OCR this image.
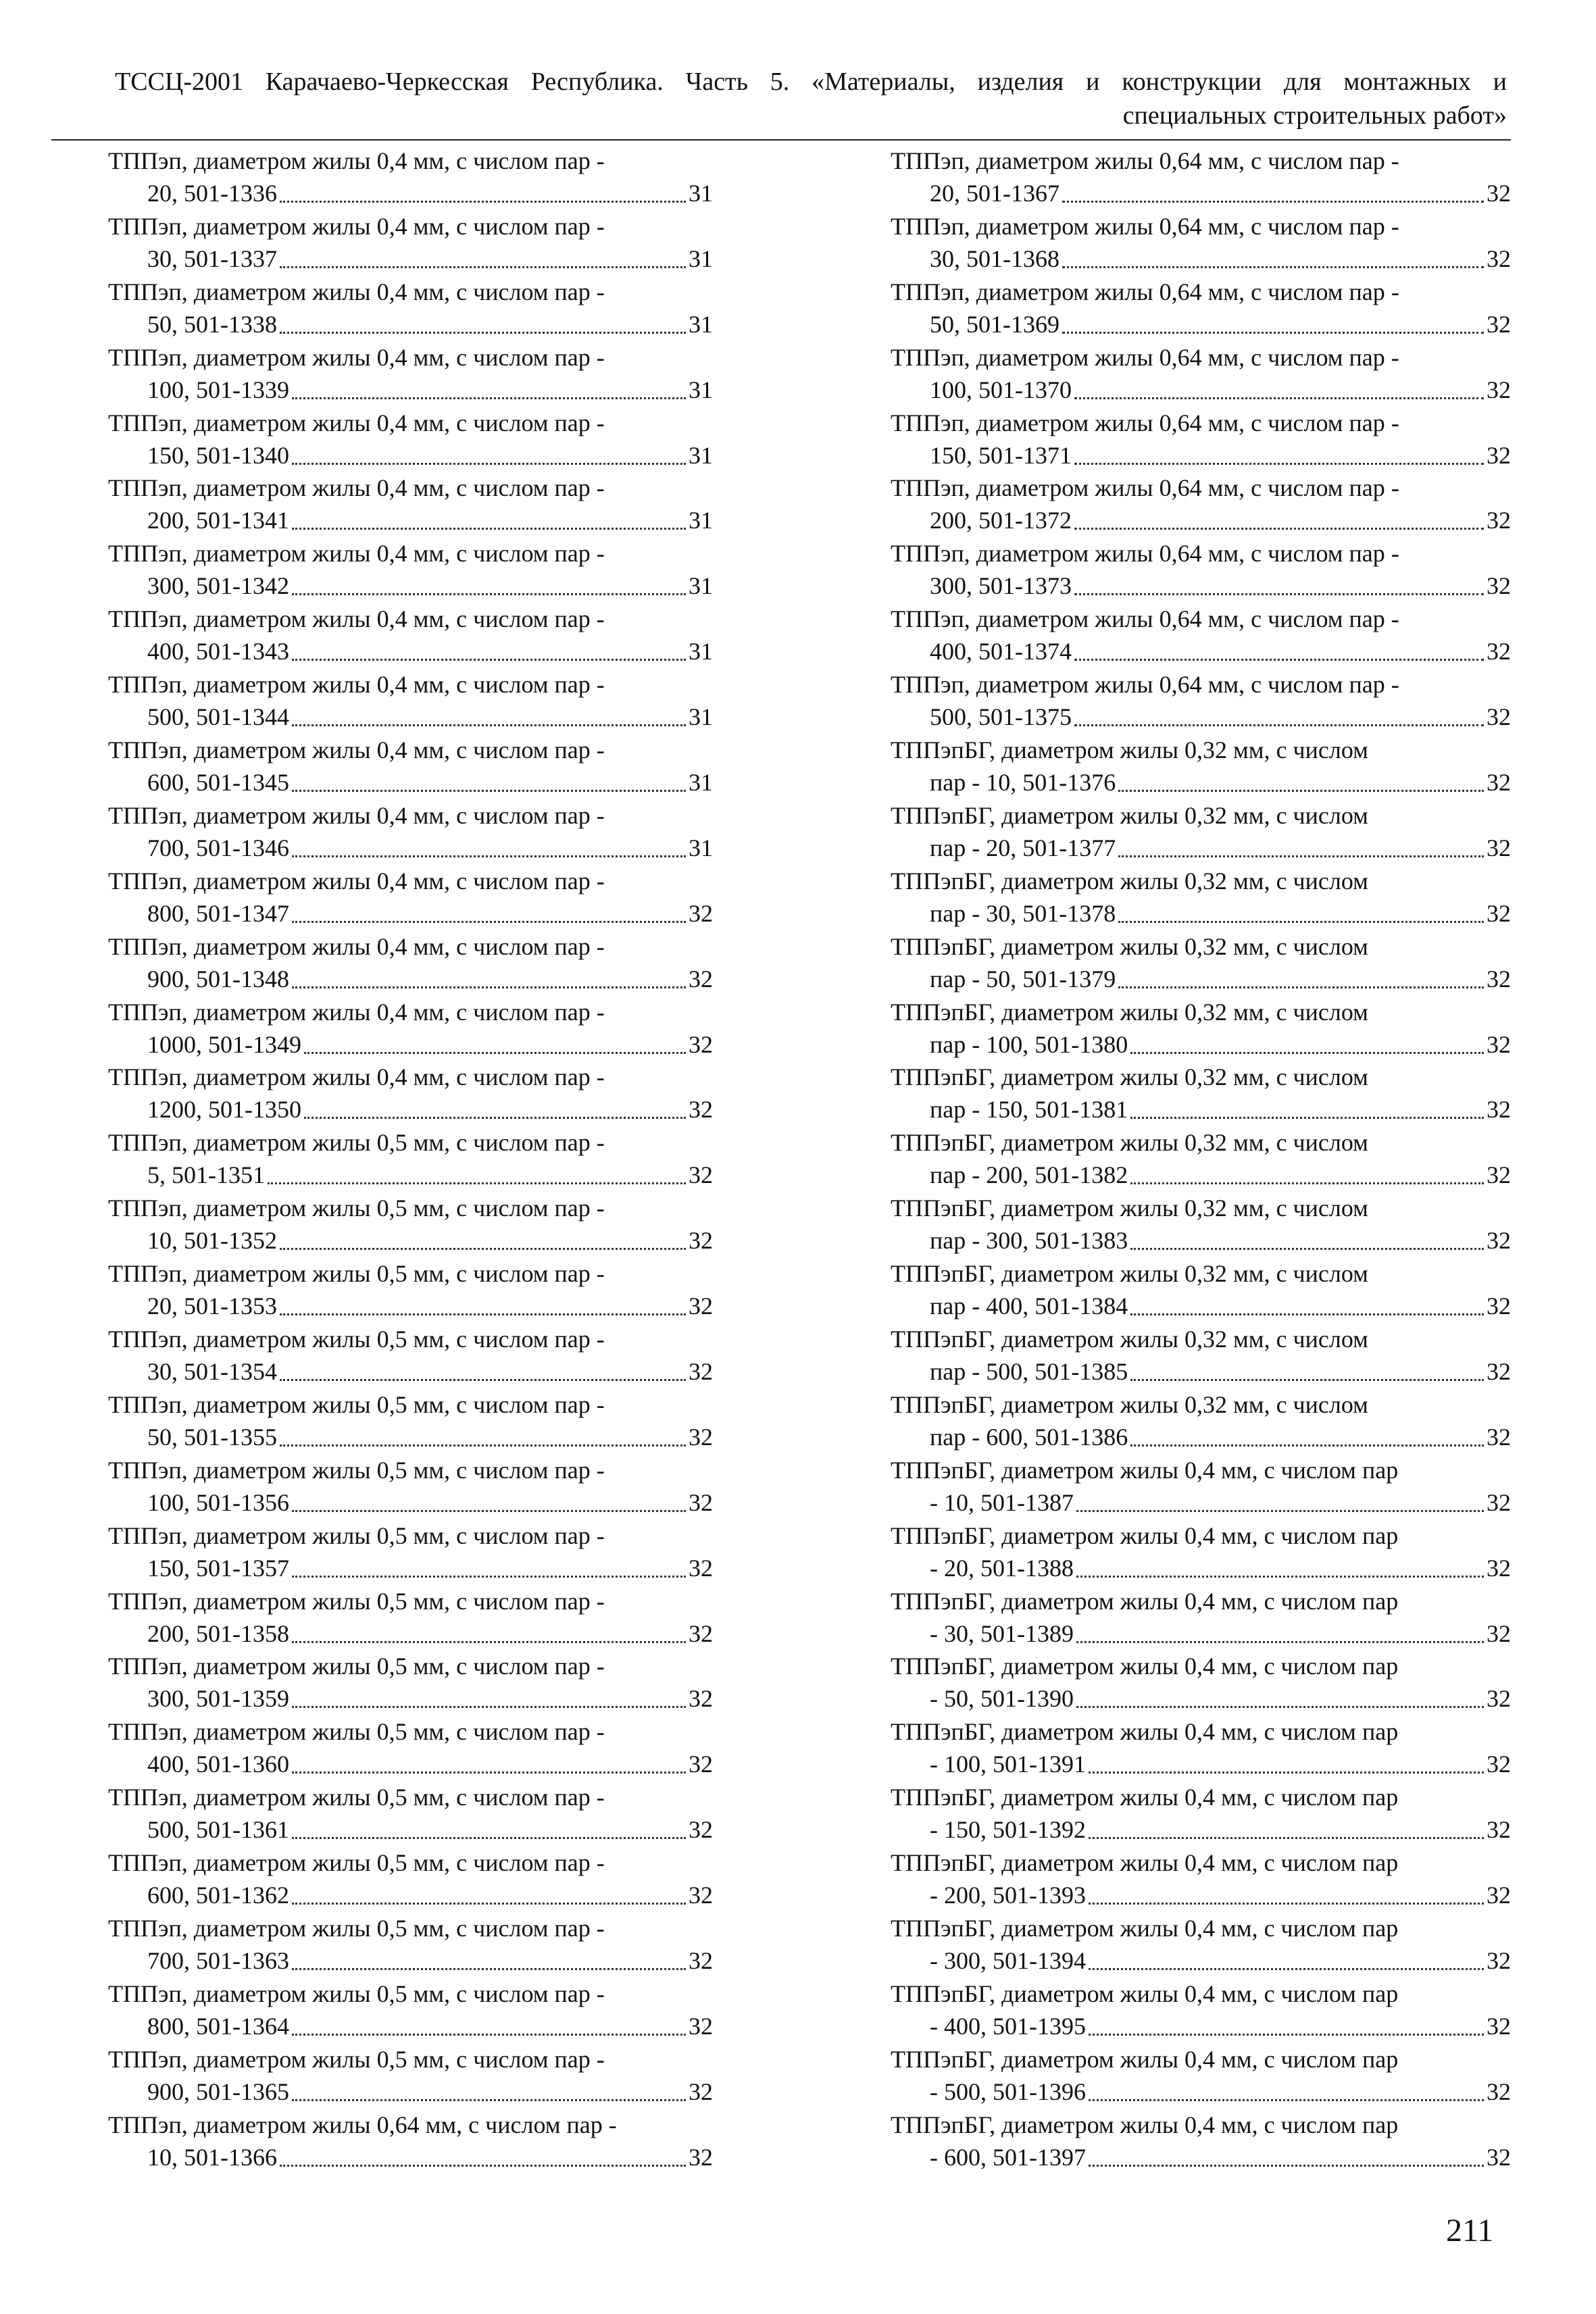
ТССЦ-2001 Карачаево-Черкесская Республика. Часть 5. «Материалы, изделия и конструкции для монтажных и
специальных строительных работ»
ТППэп, диаметром жилы 0,4 мм, с числом пар -
20, 501-1336	31
ТППэп, диаметром жилы 0,4 мм, с числом пар -
30, 501-1337	31
ТППэп, диаметром жилы 0,4 мм, с числом пар -
50, 501-1338	31
ТППэп, диаметром жилы 0,4 мм, с числом пар -
100, 501-1339	31
ТППэп, диаметром жилы 0,4 мм, с числом пар -
150, 501-1340	31
ТППэп, диаметром жилы 0,4 мм, с числом пар -
200, 501-1341	31
ТППэп, диаметром жилы 0,4 мм, с числом пар -
300, 501-1342	31
ТППэп, диаметром жилы 0,4 мм, с числом пар -
400, 501-1343	31
ТППэп, диаметром жилы 0,4 мм, с числом пар -
500, 501-1344	31
ТППэп, диаметром жилы 0,4 мм, с числом пар -
600, 501-1345	31
ТППэп, диаметром жилы 0,4 мм, с числом пар -
700, 501-1346	31
ТППэп, диаметром жилы 0,4 мм, с числом пар -
800, 501-1347	32
ТППэп, диаметром жилы 0,4 мм, с числом пар -
900, 501-1348	32
ТППэп, диаметром жилы 0,4 мм, с числом пар -
1000, 501-1349	32
ТППэп, диаметром жилы 0,4 мм, с числом пар -
1200, 501-1350	32
ТППэп, диаметром жилы 0,5 мм, с числом пар -
5, 501-1351	32
ТППэп, диаметром жилы 0,5 мм, с числом пар -
10, 501-1352	32
ТППэп, диаметром жилы 0,5 мм, с числом пар -
20, 501-1353	32
ТППэп, диаметром жилы 0,5 мм, с числом пар -
30, 501-1354	32
ТППэп, диаметром жилы 0,5 мм, с числом пар -
50, 501-1355	32
ТППэп, диаметром жилы 0,5 мм, с числом пар -
100, 501-1356	32
ТППэп, диаметром жилы 0,5 мм, с числом пар -
150, 501-1357	32
ТППэп, диаметром жилы 0,5 мм, с числом пар -
200, 501-1358	32
ТППэп, диаметром жилы 0,5 мм, с числом пар -
300, 501-1359	32
ТППэп, диаметром жилы 0,5 мм, с числом пар -
400, 501-1360	32
ТППэп, диаметром жилы 0,5 мм, с числом пар -
500, 501-1361	32
ТППэп, диаметром жилы 0,5 мм, с числом пар -
600, 501-1362	32
ТППэп, диаметром жилы 0,5 мм, с числом пар -
700, 501-1363	32
ТППэп, диаметром жилы 0,5 мм, с числом пар -
800, 501-1364	32
ТППэп, диаметром жилы 0,5 мм, с числом пар -
900, 501-1365	32
ТППэп, диаметром жилы 0,64 мм, с числом пар -
10, 501-1366	32
ТППэп, диаметром жилы 0,64 мм, с числом пар -
20, 501-1367	32
ТППэп, диаметром жилы 0,64 мм, с числом пар -
30, 501-1368	32
ТППэп, диаметром жилы 0,64 мм, с числом пар -
50, 501-1369	32
ТППэп, диаметром жилы 0,64 мм, с числом пар -
100, 501-1370	32
ТППэп, диаметром жилы 0,64 мм, с числом пар -
150, 501-1371	32
ТППэп, диаметром жилы 0,64 мм, с числом пар -
200, 501-1372	32
ТППэп, диаметром жилы 0,64 мм, с числом пар -
300, 501-1373	32
ТППэп, диаметром жилы 0,64 мм, с числом пар -
400, 501-1374	32
ТППэп, диаметром жилы 0,64 мм, с числом пар -
500, 501-1375	32
ТППэпБГ, диаметром жилы 0,32 мм, с числом
пар - 10, 501-1376	32
ТППэпБГ, диаметром жилы 0,32 мм, с числом
пар - 20, 501-1377	32
ТППэпБГ, диаметром жилы 0,32 мм, с числом
пар - 30, 501-1378	32
ТППэпБГ, диаметром жилы 0,32 мм, с числом
пар - 50, 501-1379	32
ТППэпБГ, диаметром жилы 0,32 мм, с числом
пар - 100, 501-1380	32
ТППэпБГ, диаметром жилы 0,32 мм, с числом
пар - 150, 501-1381	32
ТППэпБГ, диаметром жилы 0,32 мм, с числом
пар - 200, 501-1382	32
ТППэпБГ, диаметром жилы 0,32 мм, с числом
пар - 300, 501-1383	32
ТППэпБГ, диаметром жилы 0,32 мм, с числом
пар - 400, 501-1384	32
ТППэпБГ, диаметром жилы 0,32 мм, с числом
пар - 500, 501-1385	32
ТППэпБГ, диаметром жилы 0,32 мм, с числом
пар - 600, 501-1386	32
ТППэпБГ, диаметром жилы 0,4 мм, с числом пар
- 10, 501-1387	32
ТППэпБГ, диаметром жилы 0,4 мм, с числом пар
- 20, 501-1388	32
ТППэпБГ, диаметром жилы 0,4 мм, с числом пар
- 30, 501-1389	32
ТППэпБГ, диаметром жилы 0,4 мм, с числом пар
- 50, 501-1390	32
ТППэпБГ, диаметром жилы 0,4 мм, с числом пар
- 100, 501-1391	32
ТППэпБГ, диаметром жилы 0,4 мм, с числом пар
- 150, 501-1392	32
ТППэпБГ, диаметром жилы 0,4 мм, с числом пар
- 200, 501-1393	32
ТППэпБГ, диаметром жилы 0,4 мм, с числом пар
- 300, 501-1394	32
ТППэпБГ, диаметром жилы 0,4 мм, с числом пар
- 400, 501-1395	32
ТППэпБГ, диаметром жилы 0,4 мм, с числом пар
- 500, 501-1396	32
ТППэпБГ, диаметром жилы 0,4 мм, с числом пар
- 600, 501-1397	32
211
